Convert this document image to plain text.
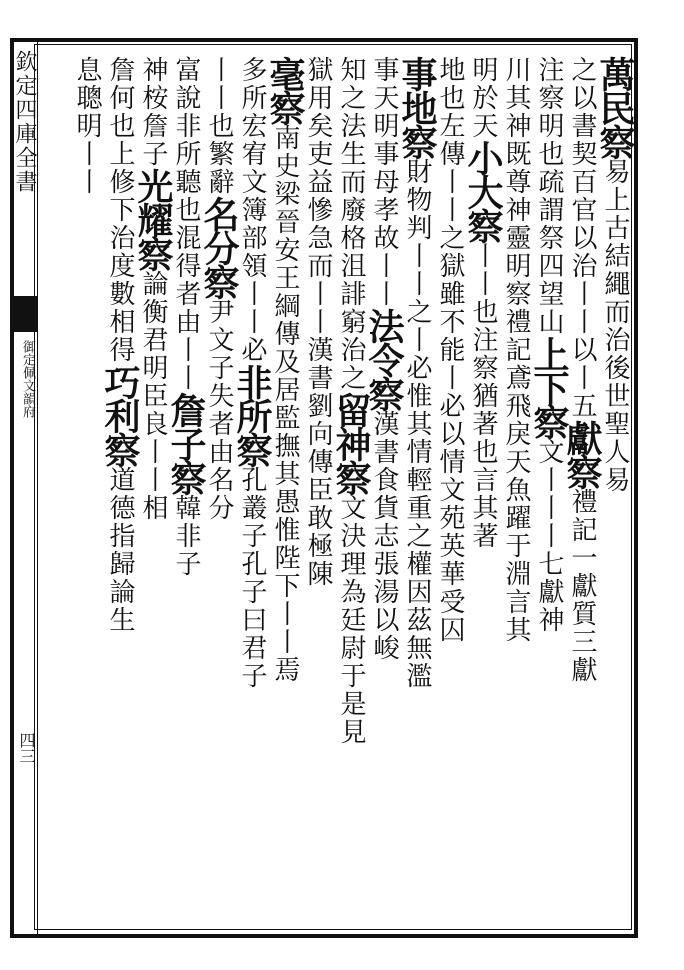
欽定四庫全書
御定佩文韻府
四三
萬民察易上古結繩而治後世聖人易
之以書契百官以治丨丨以丨五獻察禮記一獻質三獻
注察明也疏謂祭四望山上下察文丨丨丨七獻神
川其神既尊神靈明察禮記鳶飛戾天魚躍于淵言其
明於天小大察丨丨也注察猶著也言其著
地也左傳丨丨之獄雖不能丨必以情文苑英華受囚
事地察財物判丨丨之丨必惟其情輕重之權因茲無濫
事天明事母孝故丨丨法令察漢書食貨志張湯以峻
知之法生而廢格沮誹窮治之留神察文決理為廷尉于是見
獄用矣吏益慘急而丨丨漢書劉向傳臣敢極陳
毫察南史梁晉安王綱傳及居監撫其愚惟陛下丨丨焉
多所宏宥文簿部領丨丨必非所察孔叢子孔子曰君子
丨丨也繁辭名分察尹文子失者由名分
富說非所聽也混得者由丨丨詹子察韓非子
神桉詹子光耀察論衡君明臣良丨丨相
詹何也上修下治度數相得巧利察道德指歸論生
息聰明丨丨
